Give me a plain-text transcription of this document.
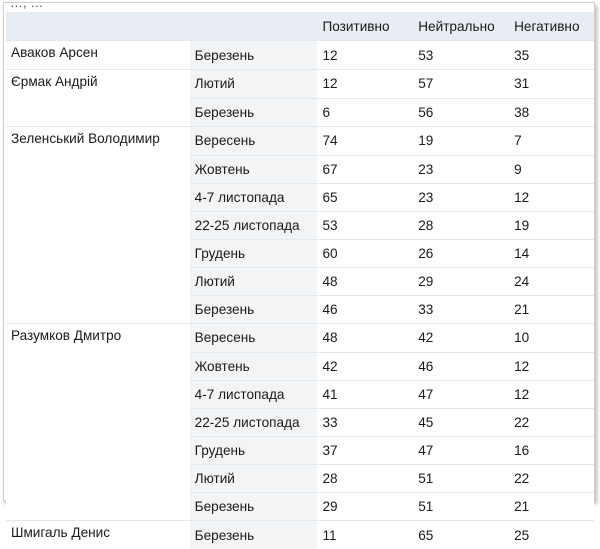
…, …
		Позитивно	Нейтрально	Негативно
Аваков Арсен	Березень	12	53	35
Єрмак Андрій	Лютий	12	57	31
	Березень	6	56	38
Зеленський Володимир	Вересень	74	19	7
	Жовтень	67	23	9
	4-7 листопада	65	23	12
	22-25 листопада	53	28	19
	Грудень	60	26	14
	Лютий	48	29	24
	Березень	46	33	21
Разумков Дмитро	Вересень	48	42	10
	Жовтень	42	46	12
	4-7 листопада	41	47	12
	22-25 листопада	33	45	22
	Грудень	37	47	16
	Лютий	28	51	22
	Березень	29	51	21
Шмигаль Денис	Березень	11	65	25
